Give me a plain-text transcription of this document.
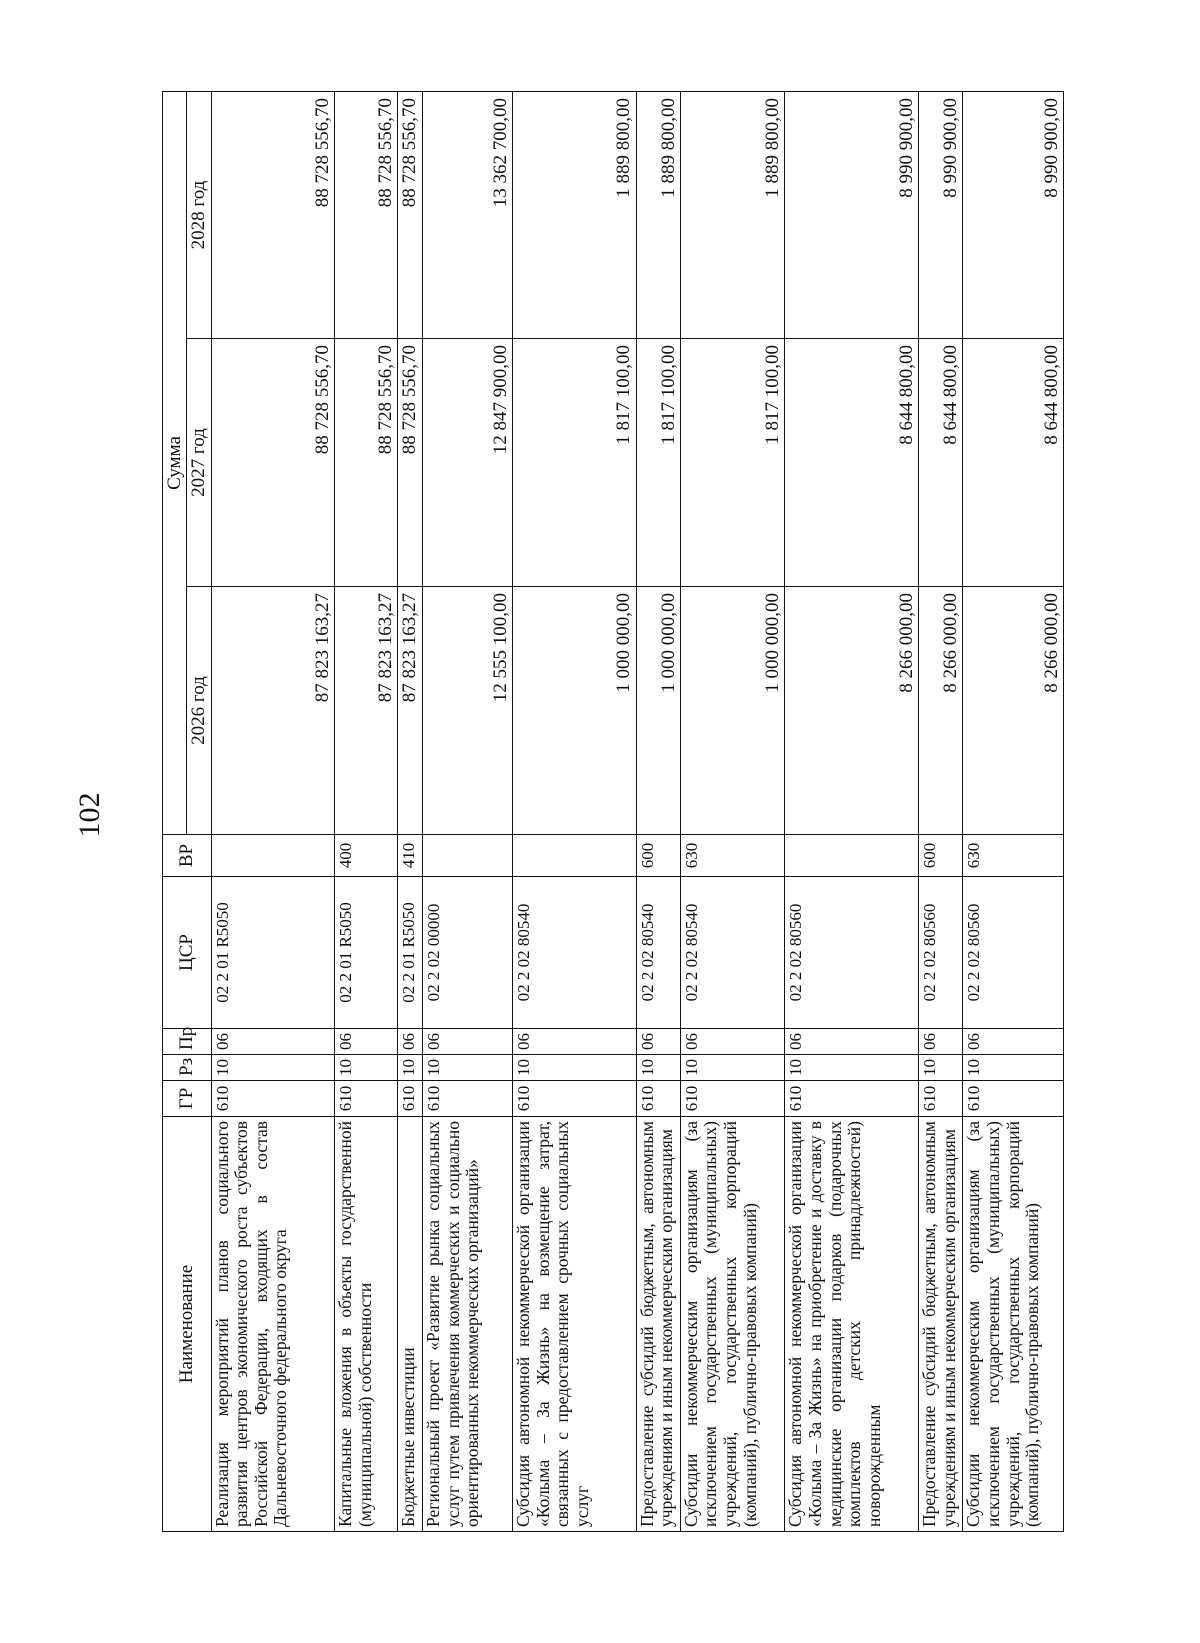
102
Наименование	ГР	Рз	Пр	ЦСР	ВР	Сумма		
						2026 год	2027 год	2028 год
Реализация мероприятий планов социального развития центров экономического роста субъектов Российской Федерации, входящих в состав Дальневосточного федерального округа	610	10	06	02 2 01 R5050		87 823 163,27	88 728 556,70	88 728 556,70
Капитальные вложения в объекты государственной (муниципальной) собственности	610	10	06	02 2 01 R5050	400	87 823 163,27	88 728 556,70	88 728 556,70
Бюджетные инвестиции	610	10	06	02 2 01 R5050	410	87 823 163,27	88 728 556,70	88 728 556,70
Региональный проект «Развитие рынка социальных услуг путем привлечения коммерческих и социально ориентированных некоммерческих организаций»	610	10	06	02 2 02 00000		12 555 100,00	12 847 900,00	13 362 700,00
Субсидия автономной некоммерческой организации «Колыма – За Жизнь» на возмещение затрат, связанных с предоставлением срочных социальных услуг	610	10	06	02 2 02 80540		1 000 000,00	1 817 100,00	1 889 800,00
Предоставление субсидий бюджетным, автономным учреждениям и иным некоммерческим организациям	610	10	06	02 2 02 80540	600	1 000 000,00	1 817 100,00	1 889 800,00
Субсидии некоммерческим организациям (за исключением государственных (муниципальных) учреждений, государственных корпораций (компаний), публично-правовых компаний)	610	10	06	02 2 02 80540	630	1 000 000,00	1 817 100,00	1 889 800,00
Субсидия автономной некоммерческой организации «Колыма – За Жизнь» на приобретение и доставку в медицинские организации подарков (подарочных комплектов детских принадлежностей) новорожденным	610	10	06	02 2 02 80560		8 266 000,00	8 644 800,00	8 990 900,00
Предоставление субсидий бюджетным, автономным учреждениям и иным некоммерческим организациям	610	10	06	02 2 02 80560	600	8 266 000,00	8 644 800,00	8 990 900,00
Субсидии некоммерческим организациям (за исключением государственных (муниципальных) учреждений, государственных корпораций (компаний), публично-правовых компаний)	610	10	06	02 2 02 80560	630	8 266 000,00	8 644 800,00	8 990 900,00
